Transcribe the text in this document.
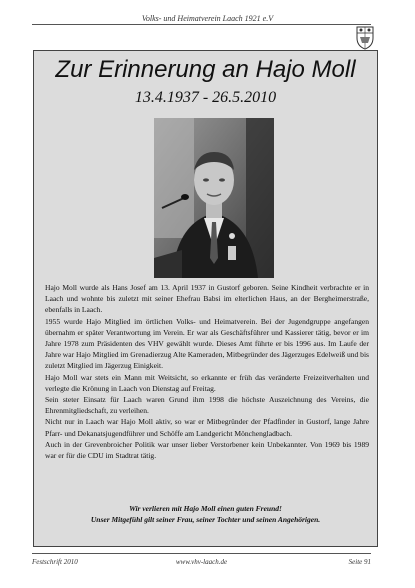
Volks- und Heimatverein Laach 1921 e.V
Zur Erinnerung an Hajo Moll
13.4.1937 - 26.5.2010

Hajo Moll wurde als Hans Josef am 13. April 1937 in Gustorf geboren. Seine Kindheit verbrachte er in Laach und wohnte bis zuletzt mit seiner Ehefrau Babsi im elterlichen Haus, an der Bergheimerstraße, ebenfalls in Laach.

1955 wurde Hajo Mitglied im örtlichen Volks- und Heimatverein. Bei der Jugendgruppe angefangen übernahm er später Verantwortung im Verein. Er war als Geschäftsführer und Kassierer tätig, bevor er im Jahre 1978 zum Präsidenten des VHV gewählt wurde. Dieses Amt führte er bis 1996 aus. Im Laufe der Jahre war Hajo Mitglied im Grenadierzug Alte Kameraden, Mitbegründer des Jägerzuges Edelweiß und bis zuletzt Mitglied im Jägerzug Einigkeit.

Hajo Moll war stets ein Mann mit Weitsicht, so erkannte er früh das veränderte Freizeitverhalten und verlegte die Krönung in Laach von Dienstag auf Freitag.

Sein steter Einsatz für Laach waren Grund ihm 1998 die höchste Auszeichnung des Vereins, die Ehrenmitgliedschaft, zu verleihen.

Nicht nur in Laach war Hajo Moll aktiv, so war er Mitbegründer der Pfadfinder in Gustorf, lange Jahre Pfarr- und Dekanatsjugendführer und Schöffe am Landgericht Mönchengladbach.

Auch in der Grevenbroicher Politik war unser lieber Verstorbener kein Unbekannter. Von 1969 bis 1989 war er für die CDU im Stadtrat tätig.

Wir verlieren mit Hajo Moll einen guten Freund!

Unser Mitgefühl gilt seiner Frau, seiner Tochter und seinen Angehörigen.

Festschrift 2010	www.vhv-laach.de	Seite 91
